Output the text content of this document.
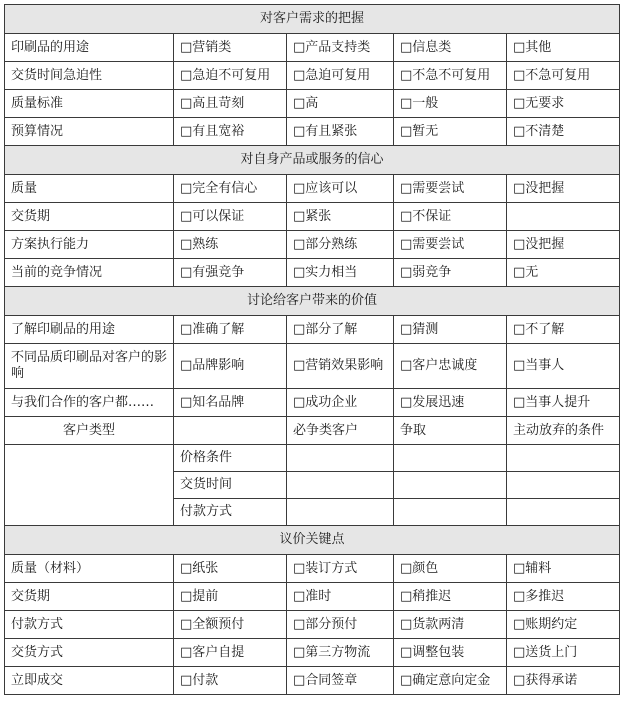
对客户需求的把握				
印刷品的用途	□营销类	□产品支持类	□信息类	□其他
交货时间急迫性	□急迫不可复用	□急迫可复用	□不急不可复用	□不急可复用
质量标准	□高且苛刻	□高	□一般	□无要求
预算情况	□有且宽裕	□有且紧张	□暂无	□不清楚
对自身产品或服务的信心				
质量	□完全有信心	□应该可以	□需要尝试	□没把握
交货期	□可以保证	□紧张	□不保证	
方案执行能力	□熟练	□部分熟练	□需要尝试	□没把握
当前的竞争情况	□有强竞争	□实力相当	□弱竞争	□无
讨论给客户带来的价值				
了解印刷品的用途	□准确了解	□部分了解	□猜测	□不了解
不同品质印刷品对客户的影响	□品牌影响	□营销效果影响	□客户忠诚度	□当事人
与我们合作的客户都……	□知名品牌	□成功企业	□发展迅速	□当事人提升
客户类型		必争类客户	争取	主动放弃的条件
	价格条件			
	交货时间			
	付款方式			
议价关键点				
质量（材料）	□纸张	□装订方式	□颜色	□辅料
交货期	□提前	□准时	□稍推迟	□多推迟
付款方式	□全额预付	□部分预付	□货款两清	□账期约定
交货方式	□客户自提	□第三方物流	□调整包装	□送货上门
立即成交	□付款	□合同签章	□确定意向定金	□获得承诺
